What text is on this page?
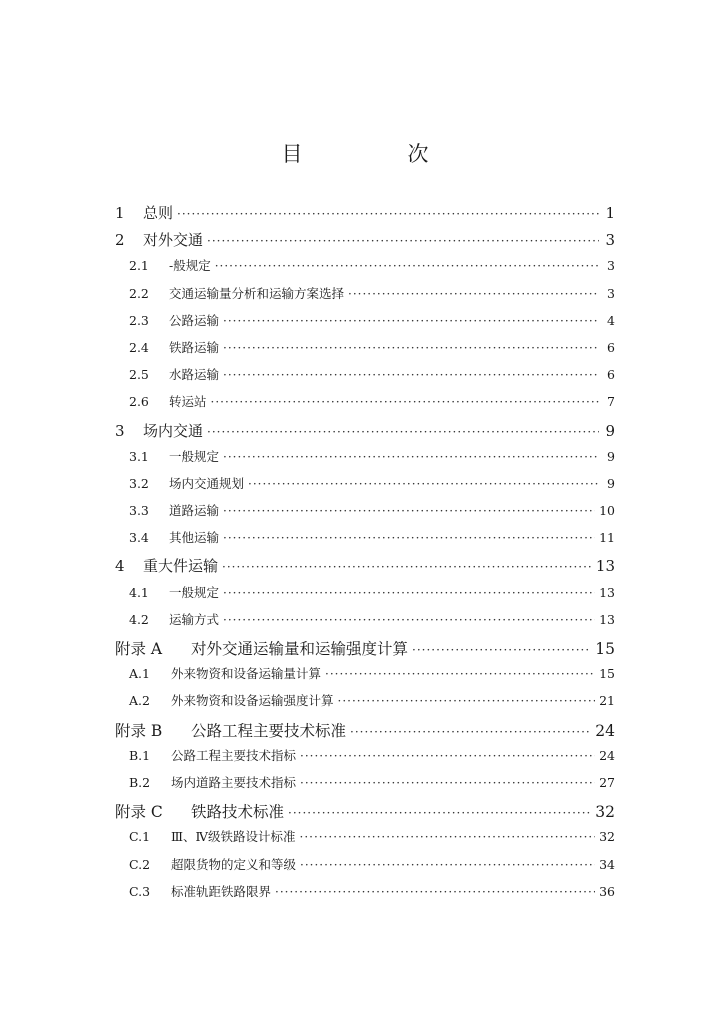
目　次
1	总则 ·····	1
2	对外交通 ·····	3
2.1	-般规定 ·····	3
2.2	交通运输量分析和运输方案选择 ·····	3
2.3	公路运输 ·····	4
2.4	铁路运输 ·····	6
2.5	水路运输 ·····	6
2.6	转运站 ·····	7
3	场内交通 ·····	9
3.1	一般规定 ·····	9
3.2	场内交通规划 ·····	9
3.3	道路运输 ·····	10
3.4	其他运输 ·····	11
4	重大件运输 ·····	13
4.1	一般规定 ·····	13
4.2	运输方式 ·····	13
附录 A	对外交通运输量和运输强度计算 ·····	15
A.1	外来物资和设备运输量计算 ·····	15
A.2	外来物资和设备运输强度计算 ·····	21
附录 B	公路工程主要技术标准 ·····	24
B.1	公路工程主要技术指标 ·····	24
B.2	场内道路主要技术指标 ·····	27
附录 C	铁路技术标准 ·····	32
C.1	Ⅲ、Ⅳ级铁路设计标准 ·····	32
C.2	超限货物的定义和等级 ·····	34
C.3	标准轨距铁路限界 ·····	36
